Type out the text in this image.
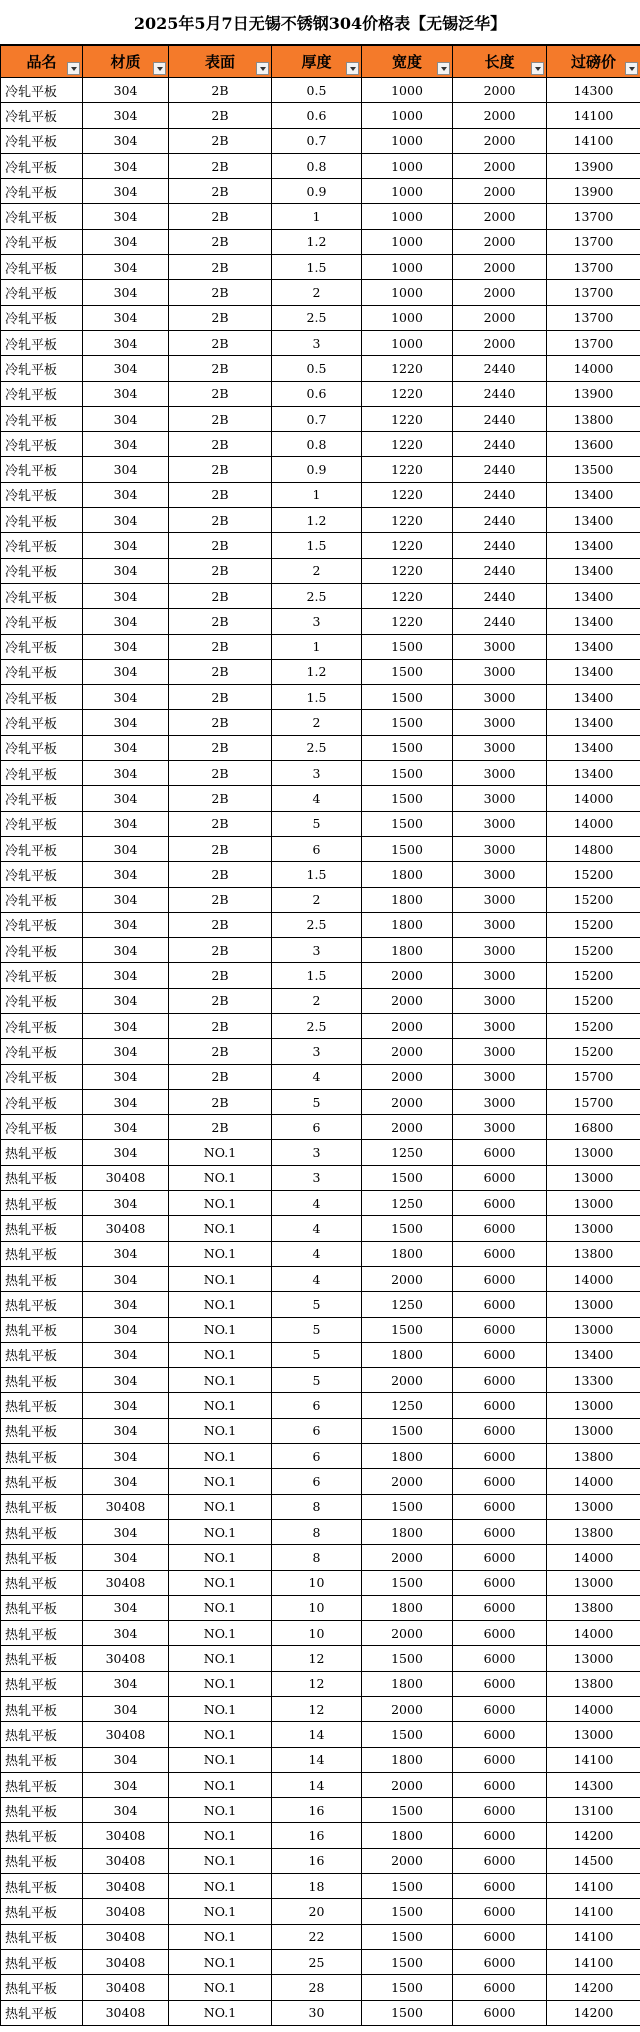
2025年5月7日无锡不锈钢304价格表【无锡泛华】
品名	材质	表面	厚度	宽度	长度	过磅价

冷轧平板	304	2B	0.5	1000	2000	14300
冷轧平板	304	2B	0.6	1000	2000	14100
冷轧平板	304	2B	0.7	1000	2000	14100
冷轧平板	304	2B	0.8	1000	2000	13900
冷轧平板	304	2B	0.9	1000	2000	13900
冷轧平板	304	2B	1	1000	2000	13700
冷轧平板	304	2B	1.2	1000	2000	13700
冷轧平板	304	2B	1.5	1000	2000	13700
冷轧平板	304	2B	2	1000	2000	13700
冷轧平板	304	2B	2.5	1000	2000	13700
冷轧平板	304	2B	3	1000	2000	13700
冷轧平板	304	2B	0.5	1220	2440	14000
冷轧平板	304	2B	0.6	1220	2440	13900
冷轧平板	304	2B	0.7	1220	2440	13800
冷轧平板	304	2B	0.8	1220	2440	13600
冷轧平板	304	2B	0.9	1220	2440	13500
冷轧平板	304	2B	1	1220	2440	13400
冷轧平板	304	2B	1.2	1220	2440	13400
冷轧平板	304	2B	1.5	1220	2440	13400
冷轧平板	304	2B	2	1220	2440	13400
冷轧平板	304	2B	2.5	1220	2440	13400
冷轧平板	304	2B	3	1220	2440	13400
冷轧平板	304	2B	1	1500	3000	13400
冷轧平板	304	2B	1.2	1500	3000	13400
冷轧平板	304	2B	1.5	1500	3000	13400
冷轧平板	304	2B	2	1500	3000	13400
冷轧平板	304	2B	2.5	1500	3000	13400
冷轧平板	304	2B	3	1500	3000	13400
冷轧平板	304	2B	4	1500	3000	14000
冷轧平板	304	2B	5	1500	3000	14000
冷轧平板	304	2B	6	1500	3000	14800
冷轧平板	304	2B	1.5	1800	3000	15200
冷轧平板	304	2B	2	1800	3000	15200
冷轧平板	304	2B	2.5	1800	3000	15200
冷轧平板	304	2B	3	1800	3000	15200
冷轧平板	304	2B	1.5	2000	3000	15200
冷轧平板	304	2B	2	2000	3000	15200
冷轧平板	304	2B	2.5	2000	3000	15200
冷轧平板	304	2B	3	2000	3000	15200
冷轧平板	304	2B	4	2000	3000	15700
冷轧平板	304	2B	5	2000	3000	15700
冷轧平板	304	2B	6	2000	3000	16800
热轧平板	304	NO.1	3	1250	6000	13000
热轧平板	30408	NO.1	3	1500	6000	13000
热轧平板	304	NO.1	4	1250	6000	13000
热轧平板	30408	NO.1	4	1500	6000	13000
热轧平板	304	NO.1	4	1800	6000	13800
热轧平板	304	NO.1	4	2000	6000	14000
热轧平板	304	NO.1	5	1250	6000	13000
热轧平板	304	NO.1	5	1500	6000	13000
热轧平板	304	NO.1	5	1800	6000	13400
热轧平板	304	NO.1	5	2000	6000	13300
热轧平板	304	NO.1	6	1250	6000	13000
热轧平板	304	NO.1	6	1500	6000	13000
热轧平板	304	NO.1	6	1800	6000	13800
热轧平板	304	NO.1	6	2000	6000	14000
热轧平板	30408	NO.1	8	1500	6000	13000
热轧平板	304	NO.1	8	1800	6000	13800
热轧平板	304	NO.1	8	2000	6000	14000
热轧平板	30408	NO.1	10	1500	6000	13000
热轧平板	304	NO.1	10	1800	6000	13800
热轧平板	304	NO.1	10	2000	6000	14000
热轧平板	30408	NO.1	12	1500	6000	13000
热轧平板	304	NO.1	12	1800	6000	13800
热轧平板	304	NO.1	12	2000	6000	14000
热轧平板	30408	NO.1	14	1500	6000	13000
热轧平板	304	NO.1	14	1800	6000	14100
热轧平板	304	NO.1	14	2000	6000	14300
热轧平板	304	NO.1	16	1500	6000	13100
热轧平板	30408	NO.1	16	1800	6000	14200
热轧平板	30408	NO.1	16	2000	6000	14500
热轧平板	30408	NO.1	18	1500	6000	14100
热轧平板	30408	NO.1	20	1500	6000	14100
热轧平板	30408	NO.1	22	1500	6000	14100
热轧平板	30408	NO.1	25	1500	6000	14100
热轧平板	30408	NO.1	28	1500	6000	14200
热轧平板	30408	NO.1	30	1500	6000	14200
